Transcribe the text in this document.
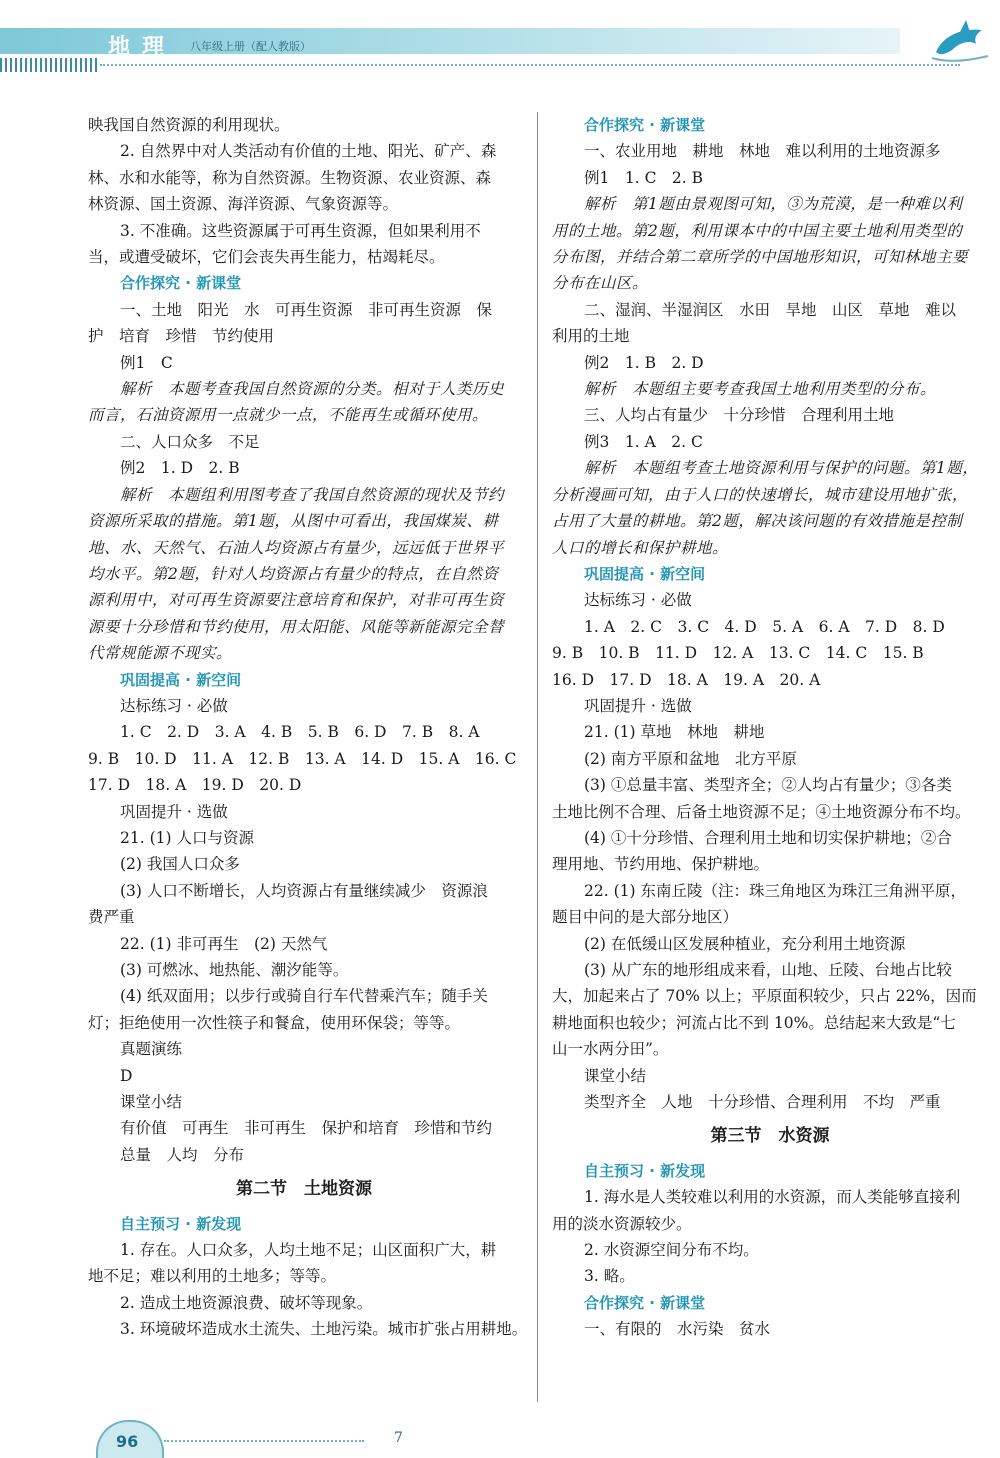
地理 八年级上册（配人教版）
映我国自然资源的利用现状。
2. 自然界中对人类活动有价值的土地、阳光、矿产、森
林、水和水能等，称为自然资源。生物资源、农业资源、森
林资源、国土资源、海洋资源、气象资源等。
3. 不准确。这些资源属于可再生资源，但如果利用不
当，或遭受破坏，它们会丧失再生能力，枯竭耗尽。
合作探究 · 新课堂
一、土地　阳光　水　可再生资源　非可再生资源　保
护　培育　珍惜　节约使用
例1　C
解析　本题考查我国自然资源的分类。相对于人类历史
而言，石油资源用一点就少一点，不能再生或循环使用。
二、人口众多　不足
例2　1. D　2. B
解析　本题组利用图考查了我国自然资源的现状及节约
资源所采取的措施。第1题，从图中可看出，我国煤炭、耕
地、水、天然气、石油人均资源占有量少，远远低于世界平
均水平。第2题，针对人均资源占有量少的特点，在自然资
源利用中，对可再生资源要注意培育和保护，对非可再生资
源要十分珍惜和节约使用，用太阳能、风能等新能源完全替
代常规能源不现实。
巩固提高 · 新空间
达标练习 · 必做
1. C　2. D　3. A　4. B　5. B　6. D　7. B　8. A
9. B　10. D　11. A　12. B　13. A　14. D　15. A　16. C
17. D　18. A　19. D　20. D
巩固提升 · 选做
21. (1) 人口与资源
(2) 我国人口众多
(3) 人口不断增长，人均资源占有量继续减少　资源浪
费严重
22. (1) 非可再生　(2) 天然气
(3) 可燃冰、地热能、潮汐能等。
(4) 纸双面用；以步行或骑自行车代替乘汽车；随手关
灯；拒绝使用一次性筷子和餐盒，使用环保袋；等等。
真题演练
D
课堂小结
有价值　可再生　非可再生　保护和培育　珍惜和节约
总量　人均　分布
第二节　土地资源
自主预习 · 新发现
1. 存在。人口众多，人均土地不足；山区面积广大，耕
地不足；难以利用的土地多；等等。
2. 造成土地资源浪费、破坏等现象。
3. 环境破坏造成水土流失、土地污染。城市扩张占用耕地。
合作探究 · 新课堂
一、农业用地　耕地　林地　难以利用的土地资源多
例1　1. C　2. B
解析　第1题由景观图可知，③为荒漠，是一种难以利
用的土地。第2题，利用课本中的中国主要土地利用类型的
分布图，并结合第二章所学的中国地形知识，可知林地主要
分布在山区。
二、湿润、半湿润区　水田　旱地　山区　草地　难以
利用的土地
例2　1. B　2. D
解析　本题组主要考查我国土地利用类型的分布。
三、人均占有量少　十分珍惜　合理利用土地
例3　1. A　2. C
解析　本题组考查土地资源利用与保护的问题。第1题，
分析漫画可知，由于人口的快速增长，城市建设用地扩张，
占用了大量的耕地。第2题，解决该问题的有效措施是控制
人口的增长和保护耕地。
巩固提高 · 新空间
达标练习 · 必做
1. A　2. C　3. C　4. D　5. A　6. A　7. D　8. D
9. B　10. B　11. D　12. A　13. C　14. C　15. B
16. D　17. D　18. A　19. A　20. A
巩固提升 · 选做
21. (1) 草地　林地　耕地
(2) 南方平原和盆地　北方平原
(3) ①总量丰富、类型齐全；②人均占有量少；③各类
土地比例不合理、后备土地资源不足；④土地资源分布不均。
(4) ①十分珍惜、合理利用土地和切实保护耕地；②合
理用地、节约用地、保护耕地。
22. (1) 东南丘陵（注：珠三角地区为珠江三角洲平原，
题目中问的是大部分地区）
(2) 在低缓山区发展种植业，充分利用土地资源
(3) 从广东的地形组成来看，山地、丘陵、台地占比较
大，加起来占了 70% 以上；平原面积较少，只占 22%，因而
耕地面积也较少；河流占比不到 10%。总结起来大致是“七
山一水两分田”。
课堂小结
类型齐全　人地　十分珍惜、合理利用　不均　严重
第三节　水资源
自主预习 · 新发现
1. 海水是人类较难以利用的水资源，而人类能够直接利
用的淡水资源较少。
2. 水资源空间分布不均。
3. 略。
合作探究 · 新课堂
一、有限的　水污染　贫水
96	7
